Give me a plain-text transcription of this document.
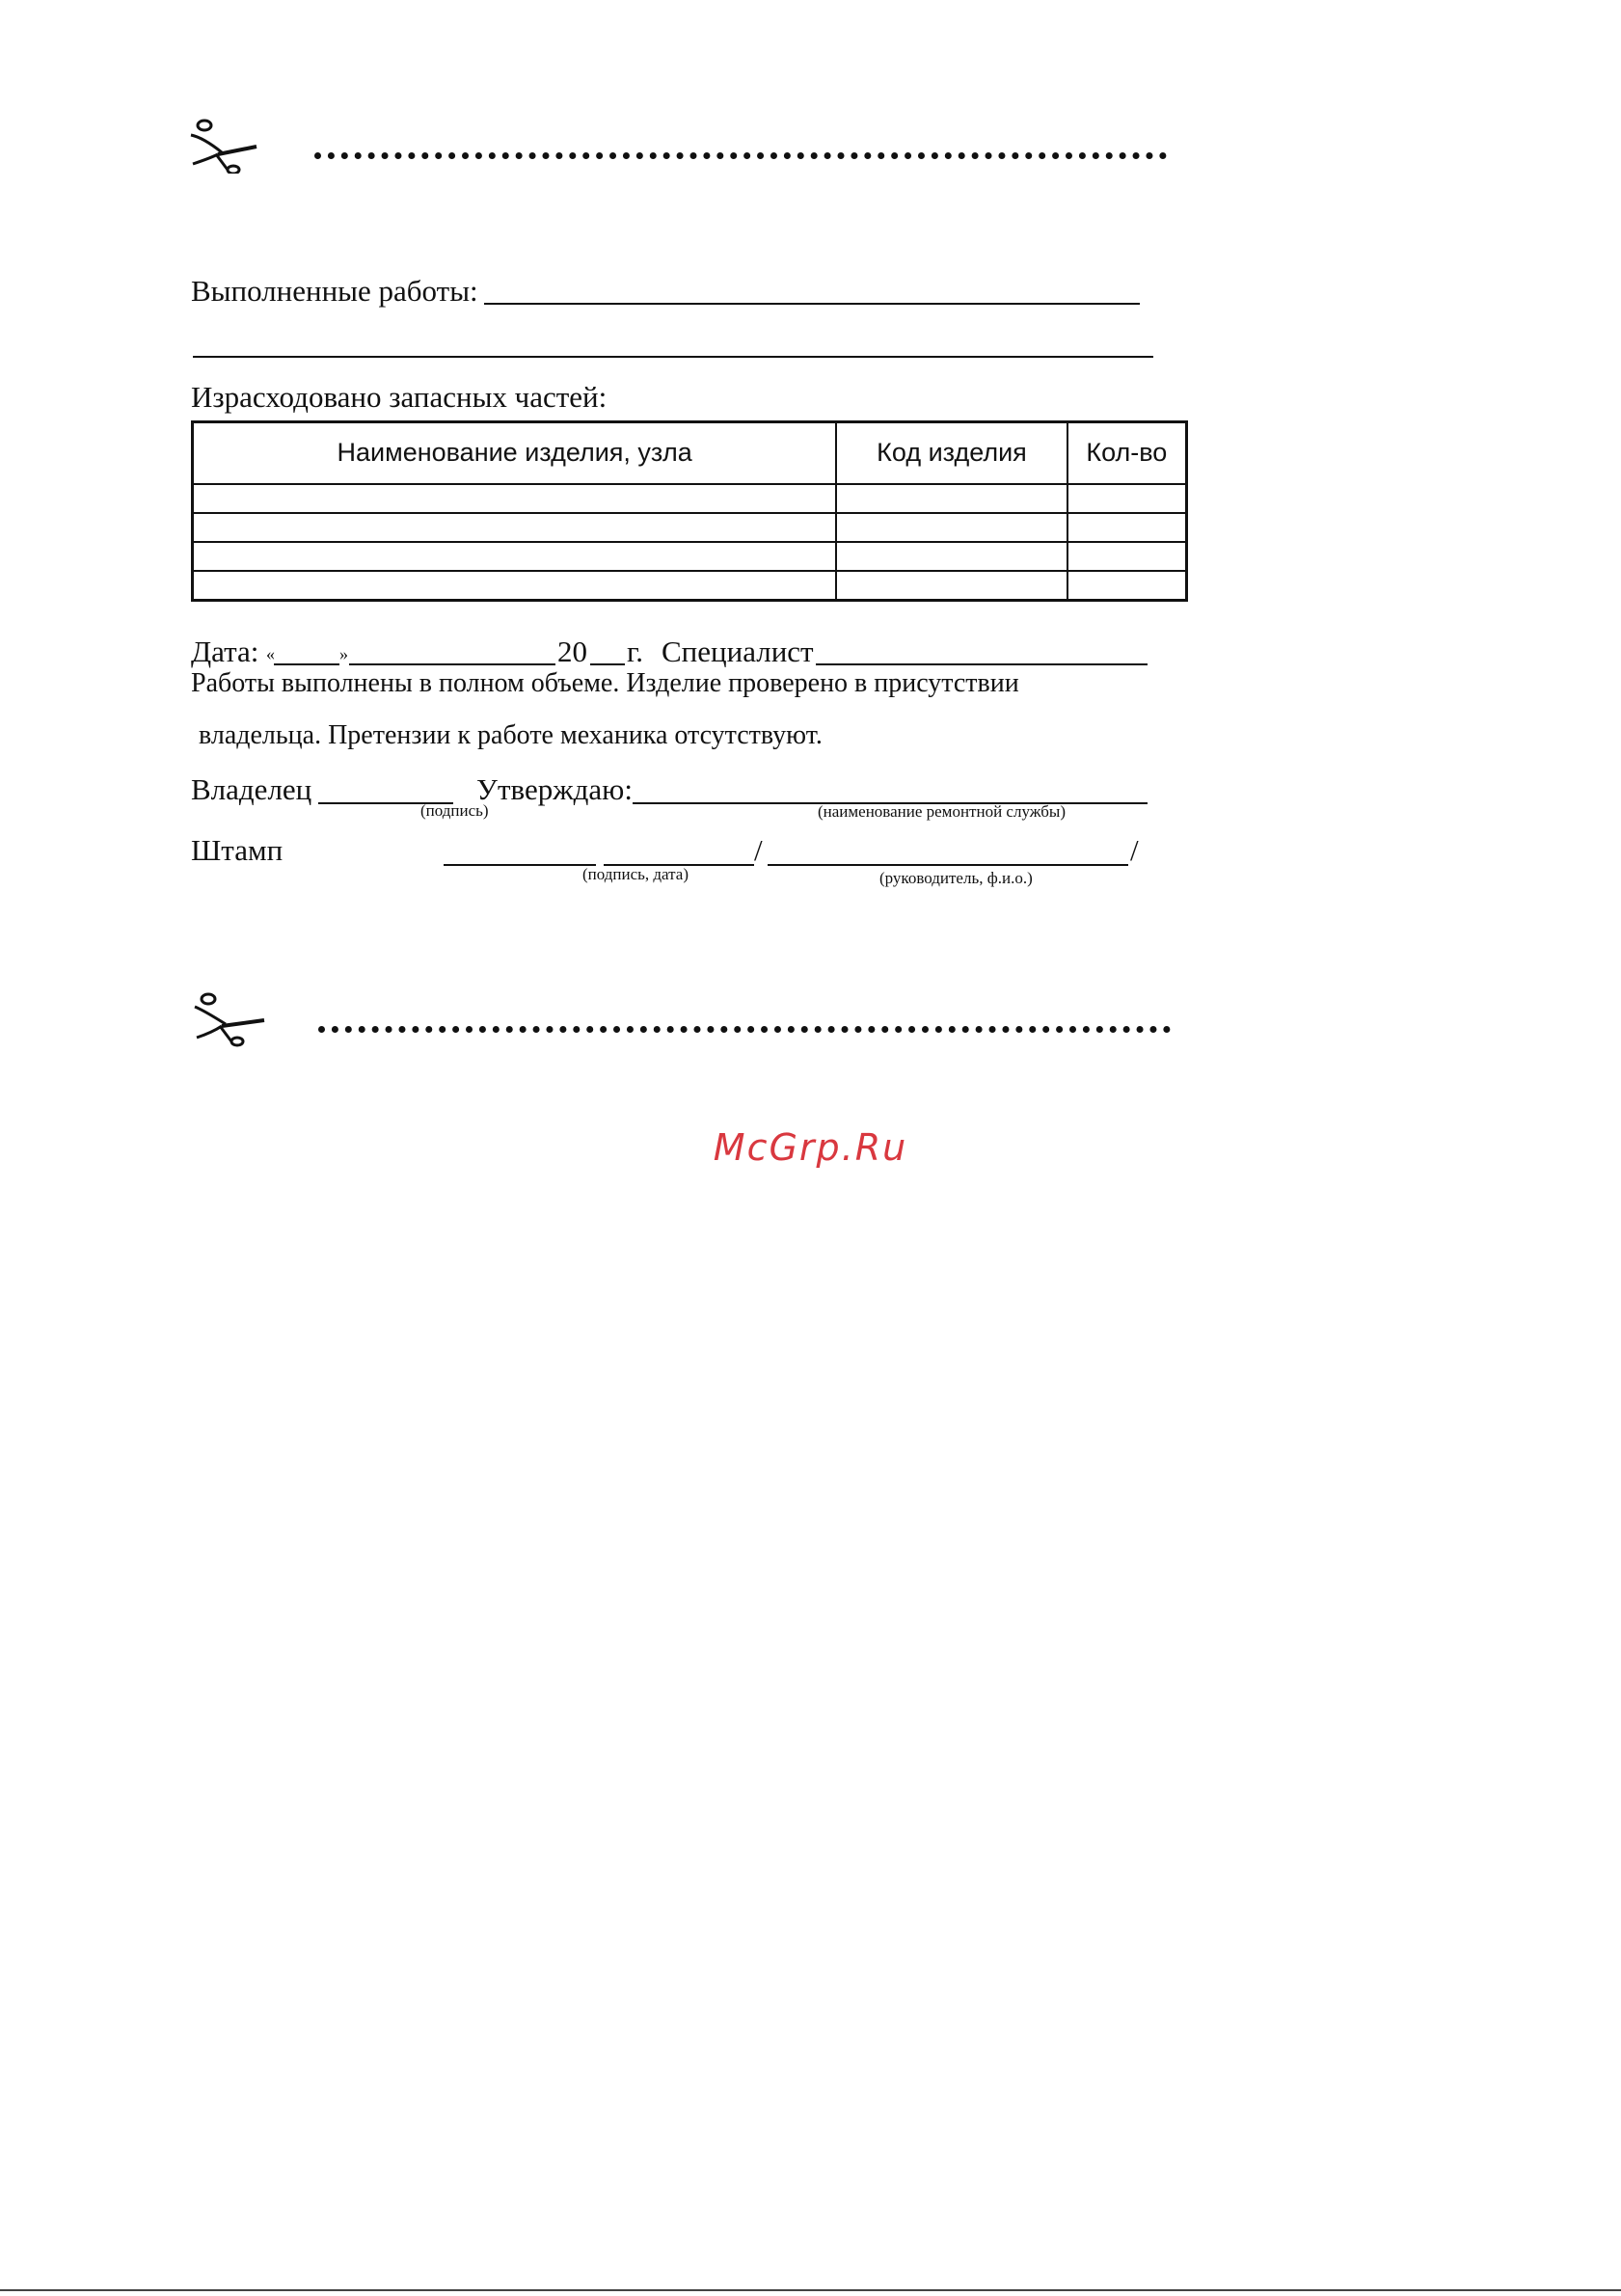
Выполненные работы:
Израсходовано запасных частей:
Наименование изделия, узла	Код изделия	Кол-во

Дата: «	»	20 г. Специалист
Работы выполнены в полном объеме. Изделие проверено в присутствии
владельца. Претензии к работе механика отсутствуют.
Владелец
(подпись)
Утверждаю:
(наименование ремонтной службы)
Штамп	/	/
(подпись, дата)	(руководитель, ф.и.о.)
McGrp.Ru
